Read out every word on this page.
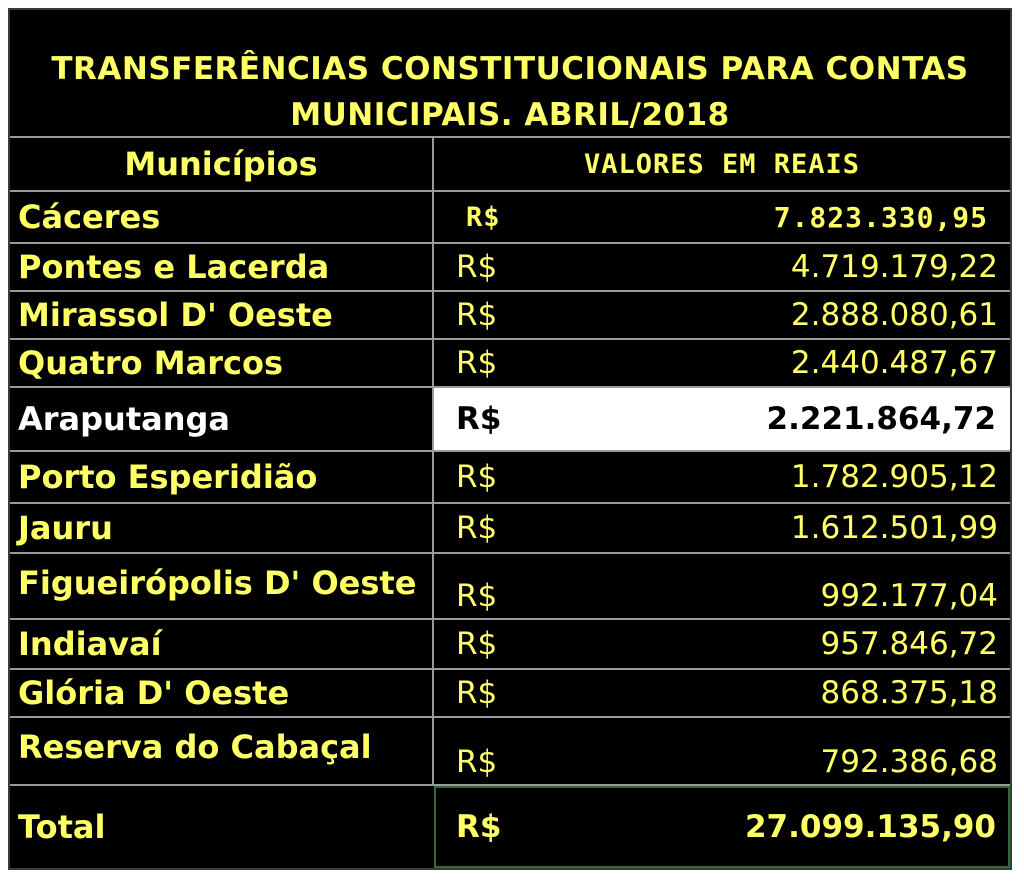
TRANSFERÊNCIAS CONSTITUCIONAIS PARA CONTAS
MUNICIPAIS. ABRIL/2018
Municípios	VALORES EM REAIS
Cáceres	R$	7.823.330,95
Pontes e Lacerda	R$	4.719.179,22
Mirassol D' Oeste	R$	2.888.080,61
Quatro Marcos	R$	2.440.487,67
Araputanga	R$	2.221.864,72
Porto Esperidião	R$	1.782.905,12
Jauru	R$	1.612.501,99
Figueirópolis D' Oeste	R$	992.177,04
Indiavaí	R$	957.846,72
Glória D' Oeste	R$	868.375,18
Reserva do Cabaçal	R$	792.386,68
Total	R$	27.099.135,90
